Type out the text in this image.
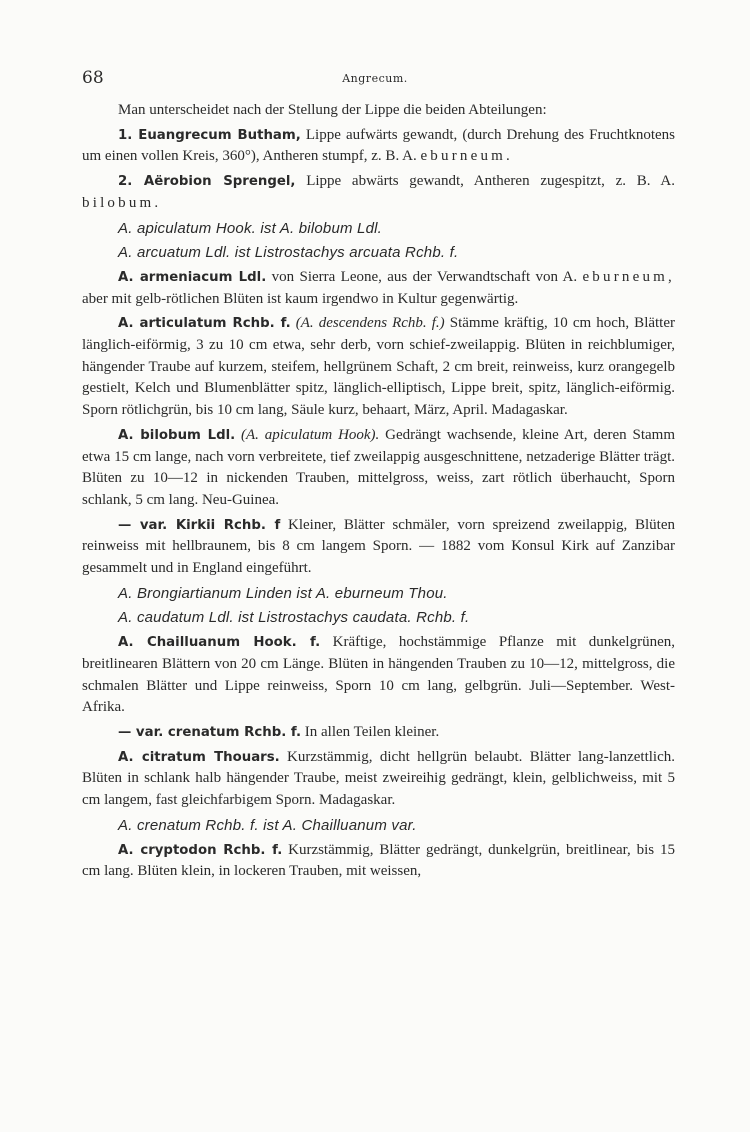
68	Angrecum.

Man unterscheidet nach der Stellung der Lippe die beiden Abteilungen:

1. Euangrecum Butham, Lippe aufwärts gewandt, (durch Drehung des Fruchtknotens um einen vollen Kreis, 360°), Antheren stumpf, z. B. A. eburneum.

2. Aërobion Sprengel, Lippe abwärts gewandt, Antheren zugespitzt, z. B. A. bilobum.

A. apiculatum Hook. ist A. bilobum Ldl.

A. arcuatum Ldl. ist Listrostachys arcuata Rchb. f.

A. armeniacum Ldl. von Sierra Leone, aus der Verwandtschaft von A. eburneum, aber mit gelb-rötlichen Blüten ist kaum irgendwo in Kultur gegenwärtig.

A. articulatum Rchb. f. (A. descendens Rchb. f.) Stämme kräftig, 10 cm hoch, Blätter länglich-eiförmig, 3 zu 10 cm etwa, sehr derb, vorn schief-zweilappig. Blüten in reichblumiger, hängender Traube auf kurzem, steifem, hellgrünem Schaft, 2 cm breit, reinweiss, kurz orangegelb gestielt, Kelch und Blumenblätter spitz, länglich-elliptisch, Lippe breit, spitz, länglich-eiförmig. Sporn rötlichgrün, bis 10 cm lang, Säule kurz, behaart, März, April. Madagaskar.

A. bilobum Ldl. (A. apiculatum Hook). Gedrängt wachsende, kleine Art, deren Stamm etwa 15 cm lange, nach vorn verbreitete, tief zweilappig ausgeschnittene, netzaderige Blätter trägt. Blüten zu 10—12 in nickenden Trauben, mittelgross, weiss, zart rötlich überhaucht, Sporn schlank, 5 cm lang. Neu-Guinea.

— var. Kirkii Rchb. f Kleiner, Blätter schmäler, vorn spreizend zweilappig, Blüten reinweiss mit hellbraunem, bis 8 cm langem Sporn. — 1882 vom Konsul Kirk auf Zanzibar gesammelt und in England eingeführt.

A. Brongiartianum Linden ist A. eburneum Thou.

A. caudatum Ldl. ist Listrostachys caudata. Rchb. f.

A. Chailluanum Hook. f. Kräftige, hochstämmige Pflanze mit dunkelgrünen, breitlinearen Blättern von 20 cm Länge. Blüten in hängenden Trauben zu 10—12, mittelgross, die schmalen Blätter und Lippe reinweiss, Sporn 10 cm lang, gelbgrün. Juli—September. West-Afrika.

— var. crenatum Rchb. f. In allen Teilen kleiner.

A. citratum Thouars. Kurzstämmig, dicht hellgrün belaubt. Blätter lang-lanzettlich. Blüten in schlank halb hängender Traube, meist zweireihig gedrängt, klein, gelblichweiss, mit 5 cm langem, fast gleichfarbigem Sporn. Madagaskar.

A. crenatum Rchb. f. ist A. Chailluanum var.

A. cryptodon Rchb. f. Kurzstämmig, Blätter gedrängt, dunkelgrün, breitlinear, bis 15 cm lang. Blüten klein, in lockeren Trauben, mit weissen,
